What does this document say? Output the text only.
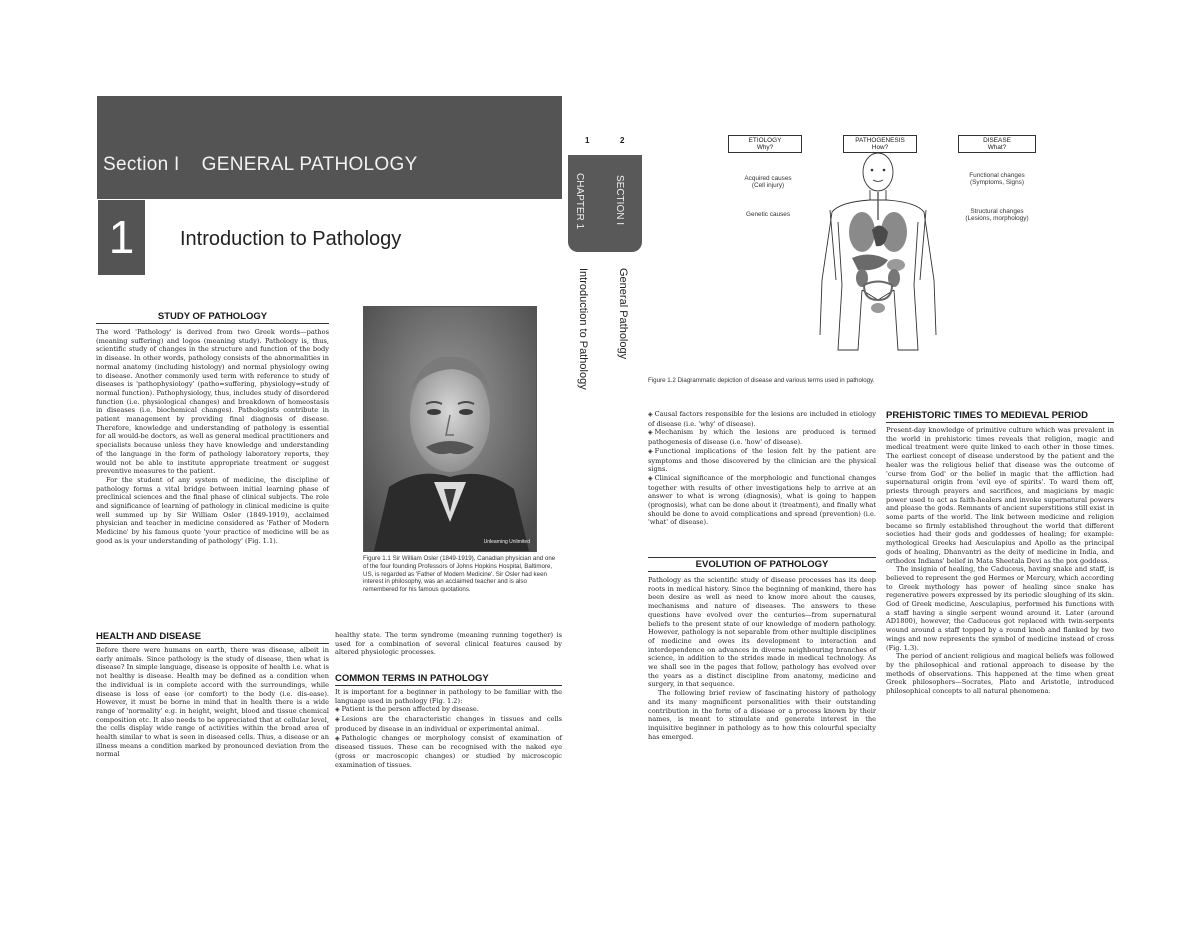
Section I GENERAL PATHOLOGY
1	Introduction to Pathology
STUDY OF PATHOLOGY

The word 'Pathology' is derived from two Greek words—pathos (meaning suffering) and logos (meaning study). Pathology is, thus, scientific study of changes in the structure and function of the body in disease. In other words, pathology consists of the abnormalities in normal anatomy (including histology) and normal physiology owing to disease. Another commonly used term with reference to study of diseases is 'pathophysiology' (patho=suffering, physiology=study of normal function). Pathophysiology, thus, includes study of disordered function (i.e. physiological changes) and breakdown of homeostasis in diseases (i.e. biochemical changes). Pathologists contribute in patient management by providing final diagnosis of disease. Therefore, knowledge and understanding of pathology is essential for all would-be doctors, as well as general medical practitioners and specialists because unless they have knowledge and understanding of the language in the form of pathology laboratory reports, they would not be able to institute appropriate treatment or suggest preventive measures to the patient.

For the student of any system of medicine, the discipline of pathology forms a vital bridge between initial learning phase of preclinical sciences and the final phase of clinical subjects. The role and significance of learning of pathology in clinical medicine is quite well summed up by Sir William Osler (1849-1919), acclaimed physician and teacher in medicine considered as 'Father of Modern Medicine' by his famous quote 'your practice of medicine will be as good as is your understanding of pathology' (Fig. 1.1).

HEALTH AND DISEASE

Before there were humans on earth, there was disease, albeit in early animals. Since pathology is the study of disease, then what is disease? In simple language, disease is opposite of health i.e. what is not healthy is disease. Health may be defined as a condition when the individual is in complete accord with the surroundings, while disease is loss of ease (or comfort) to the body (i.e. dis-ease). However, it must be borne in mind that in health there is a wide range of 'normality' e.g. in height, weight, blood and tissue chemical composition etc. It also needs to be appreciated that at cellular level, the cells display wide range of activities within the broad area of health similar to what is seen in diseased cells. Thus, a disease or an illness means a condition marked by pronounced deviation from the normal

Unlearning Unlimited
Figure 1.1 Sir William Osler (1849-1919), Canadian physician and one of the four founding Professors of Johns Hopkins Hospital, Baltimore, US, is regarded as 'Father of Modern Medicine'. Sir Osler had keen interest in philosophy, was an acclaimed teacher and is also remembered for his famous quotations.

healthy state. The term syndrome (meaning running together) is used for a combination of several clinical features caused by altered physiologic processes.

COMMON TERMS IN PATHOLOGY

It is important for a beginner in pathology to be familiar with the language used in pathology (Fig. 1.2):

◈ Patient is the person affected by disease.
◈ Lesions are the characteristic changes in tissues and cells produced by disease in an individual or experimental animal.
◈ Pathologic changes or morphology consist of examination of diseased tissues. These can be recognised with the naked eye (gross or macroscopic changes) or studied by microscopic examination of tissues.
1	2
CHAPTER 1	SECTION I
Introduction to Pathology	General Pathology
ETIOLOGY
Why?
PATHOGENESIS
How?
DISEASE
What?
Acquired causes
(Cell injury)
Genetic causes
Functional changes
(Symptoms, Signs)
Structural changes
(Lesions, morphology)
Figure 1.2 Diagrammatic depiction of disease and various terms used in pathology.
◈ Causal factors responsible for the lesions are included in etiology of disease (i.e. 'why' of disease).
◈ Mechanism by which the lesions are produced is termed pathogenesis of disease (i.e. 'how' of disease).
◈ Functional implications of the lesion felt by the patient are symptoms and those discovered by the clinician are the physical signs.
◈ Clinical significance of the morphologic and functional changes together with results of other investigations help to arrive at an answer to what is wrong (diagnosis), what is going to happen (prognosis), what can be done about it (treatment), and finally what should be done to avoid complications and spread (prevention) (i.e. 'what' of disease).
EVOLUTION OF PATHOLOGY

Pathology as the scientific study of disease processes has its deep roots in medical history. Since the beginning of mankind, there has been desire as well as need to know more about the causes, mechanisms and nature of diseases. The answers to these questions have evolved over the centuries—from supernatural beliefs to the present state of our knowledge of modern pathology. However, pathology is not separable from other multiple disciplines of medicine and owes its development to interaction and interdependence on advances in diverse neighbouring branches of science, in addition to the strides made in medical technology. As we shall see in the pages that follow, pathology has evolved over the years as a distinct discipline from anatomy, medicine and surgery, in that sequence.

The following brief review of fascinating history of pathology and its many magnificent personalities with their outstanding contribution in the form of a disease or a process known by their names, is meant to stimulate and generate interest in the inquisitive beginner in pathology as to how this colourful specialty has emerged.

PREHISTORIC TIMES TO MEDIEVAL PERIOD

Present-day knowledge of primitive culture which was prevalent in the world in prehistoric times reveals that religion, magic and medical treatment were quite linked to each other in those times. The earliest concept of disease understood by the patient and the healer was the religious belief that disease was the outcome of 'curse from God' or the belief in magic that the affliction had supernatural origin from 'evil eye of spirits'. To ward them off, priests through prayers and sacrifices, and magicians by magic power used to act as faith-healers and invoke supernatural powers and please the gods. Remnants of ancient superstitions still exist in some parts of the world. The link between medicine and religion became so firmly established throughout the world that different societies had their gods and goddesses of healing; for example: mythological Greeks had Aesculapius and Apollo as the principal gods of healing, Dhanvantri as the deity of medicine in India, and orthodox Indians' belief in Mata Sheetala Devi as the pox goddess.

The insignia of healing, the Caduceus, having snake and staff, is believed to represent the god Hermes or Mercury, which according to Greek mythology has power of healing since snake has regenerative powers expressed by its periodic sloughing of its skin. God of Greek medicine, Aesculapius, performed his functions with a staff having a single serpent wound around it. Later (around AD1800), however, the Caduceus got replaced with twin-serpents wound around a staff topped by a round knob and flanked by two wings and now represents the symbol of medicine instead of cross (Fig. 1.3).

The period of ancient religious and magical beliefs was followed by the philosophical and rational approach to disease by the methods of observations. This happened at the time when great Greek philosophers—Socrates, Plato and Aristotle, introduced philosophical concepts to all natural phenomena.
